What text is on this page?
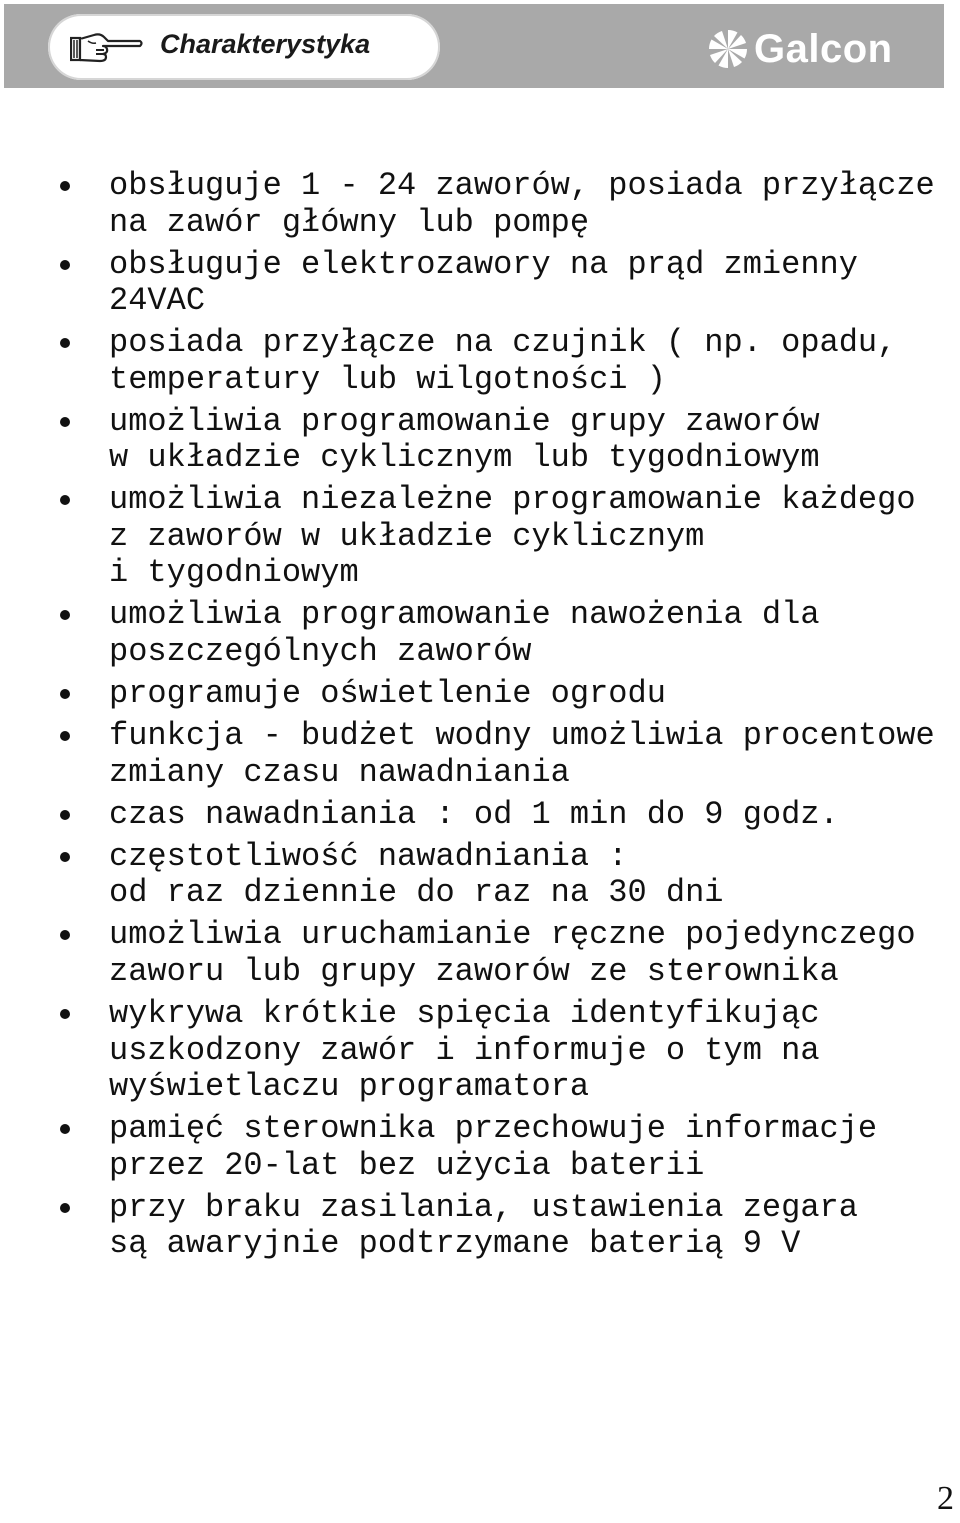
Charakterystyka	Galcon
obsługuje 1 - 24 zaworów, posiada przyłącze
na zawór główny lub pompę
obsługuje elektrozawory na prąd zmienny
24VAC
posiada przyłącze na czujnik ( np. opadu,
temperatury lub wilgotności )
umożliwia programowanie grupy zaworów
w układzie cyklicznym lub tygodniowym
umożliwia niezależne programowanie każdego
z zaworów w układzie cyklicznym
i tygodniowym
umożliwia programowanie nawożenia dla
poszczególnych zaworów
programuje oświetlenie ogrodu
funkcja - budżet wodny umożliwia procentowe
zmiany czasu nawadniania
czas nawadniania : od 1 min do 9 godz.
częstotliwość nawadniania :
od raz dziennie do raz na 30 dni
umożliwia uruchamianie ręczne pojedynczego
zaworu lub grupy zaworów ze sterownika
wykrywa krótkie spięcia identyfikując
uszkodzony zawór i informuje o tym na
wyświetlaczu programatora
pamięć sterownika przechowuje informacje
przez 20-lat bez użycia baterii
przy braku zasilania, ustawienia zegara
są awaryjnie podtrzymane baterią 9 V
2
